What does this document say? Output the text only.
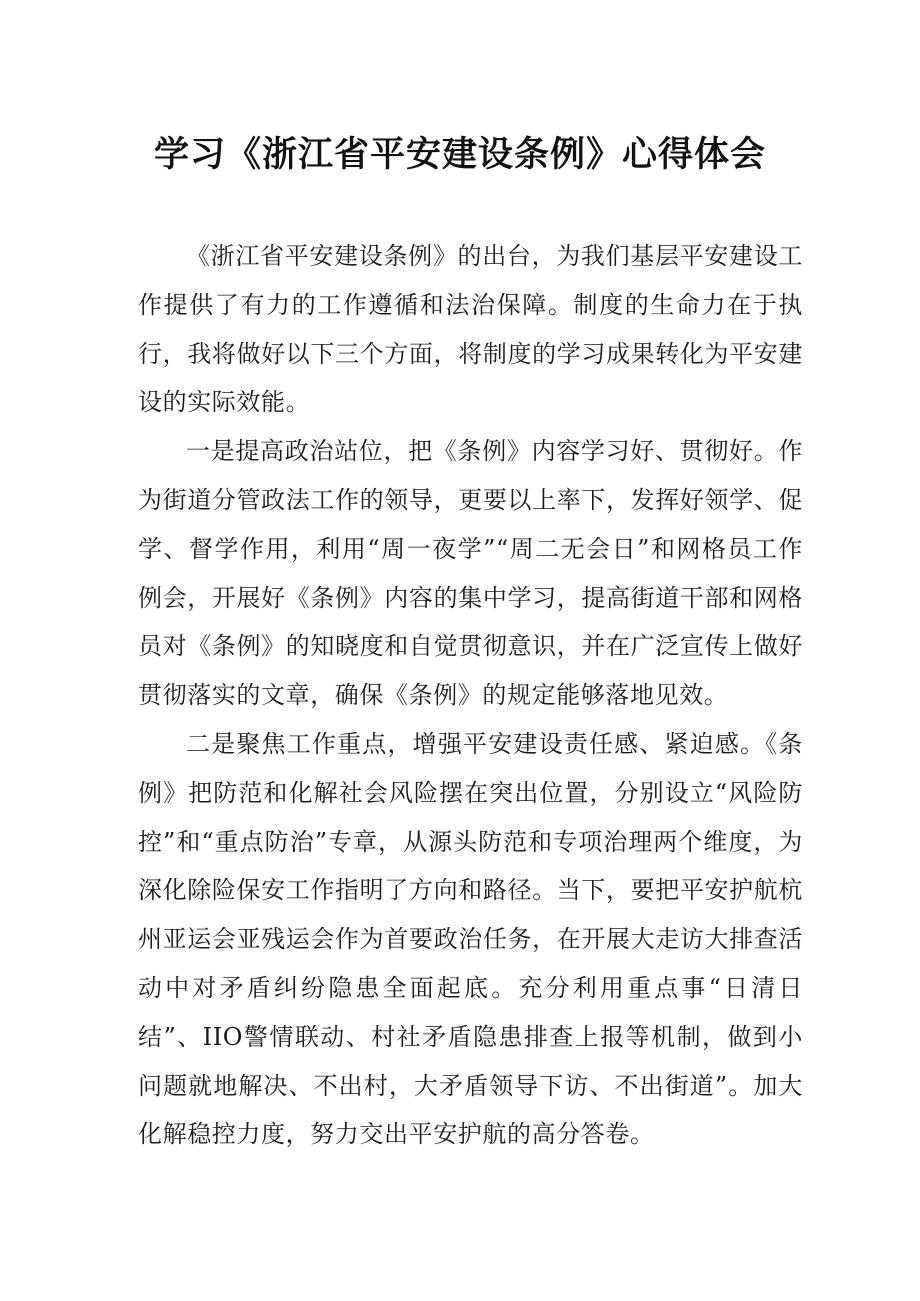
学习《浙江省平安建设条例》心得体会

《浙江省平安建设条例》的出台，为我们基层平安建设工作提供了有力的工作遵循和法治保障。制度的生命力在于执行，我将做好以下三个方面，将制度的学习成果转化为平安建设的实际效能。

一是提高政治站位，把《条例》内容学习好、贯彻好。作为街道分管政法工作的领导，更要以上率下，发挥好领学、促学、督学作用，利用“周一夜学”“周二无会日”和网格员工作例会，开展好《条例》内容的集中学习，提高街道干部和网格员对《条例》的知晓度和自觉贯彻意识，并在广泛宣传上做好贯彻落实的文章，确保《条例》的规定能够落地见效。

二是聚焦工作重点，增强平安建设责任感、紧迫感。《条例》把防范和化解社会风险摆在突出位置，分别设立“风险防控”和“重点防治”专章，从源头防范和专项治理两个维度，为深化除险保安工作指明了方向和路径。当下，要把平安护航杭州亚运会亚残运会作为首要政治任务，在开展大走访大排查活动中对矛盾纠纷隐患全面起底。充分利用重点事“日清日结”、IIO警情联动、村社矛盾隐患排查上报等机制，做到小问题就地解决、不出村，大矛盾领导下访、不出街道”。加大化解稳控力度，努力交出平安护航的高分答卷。
